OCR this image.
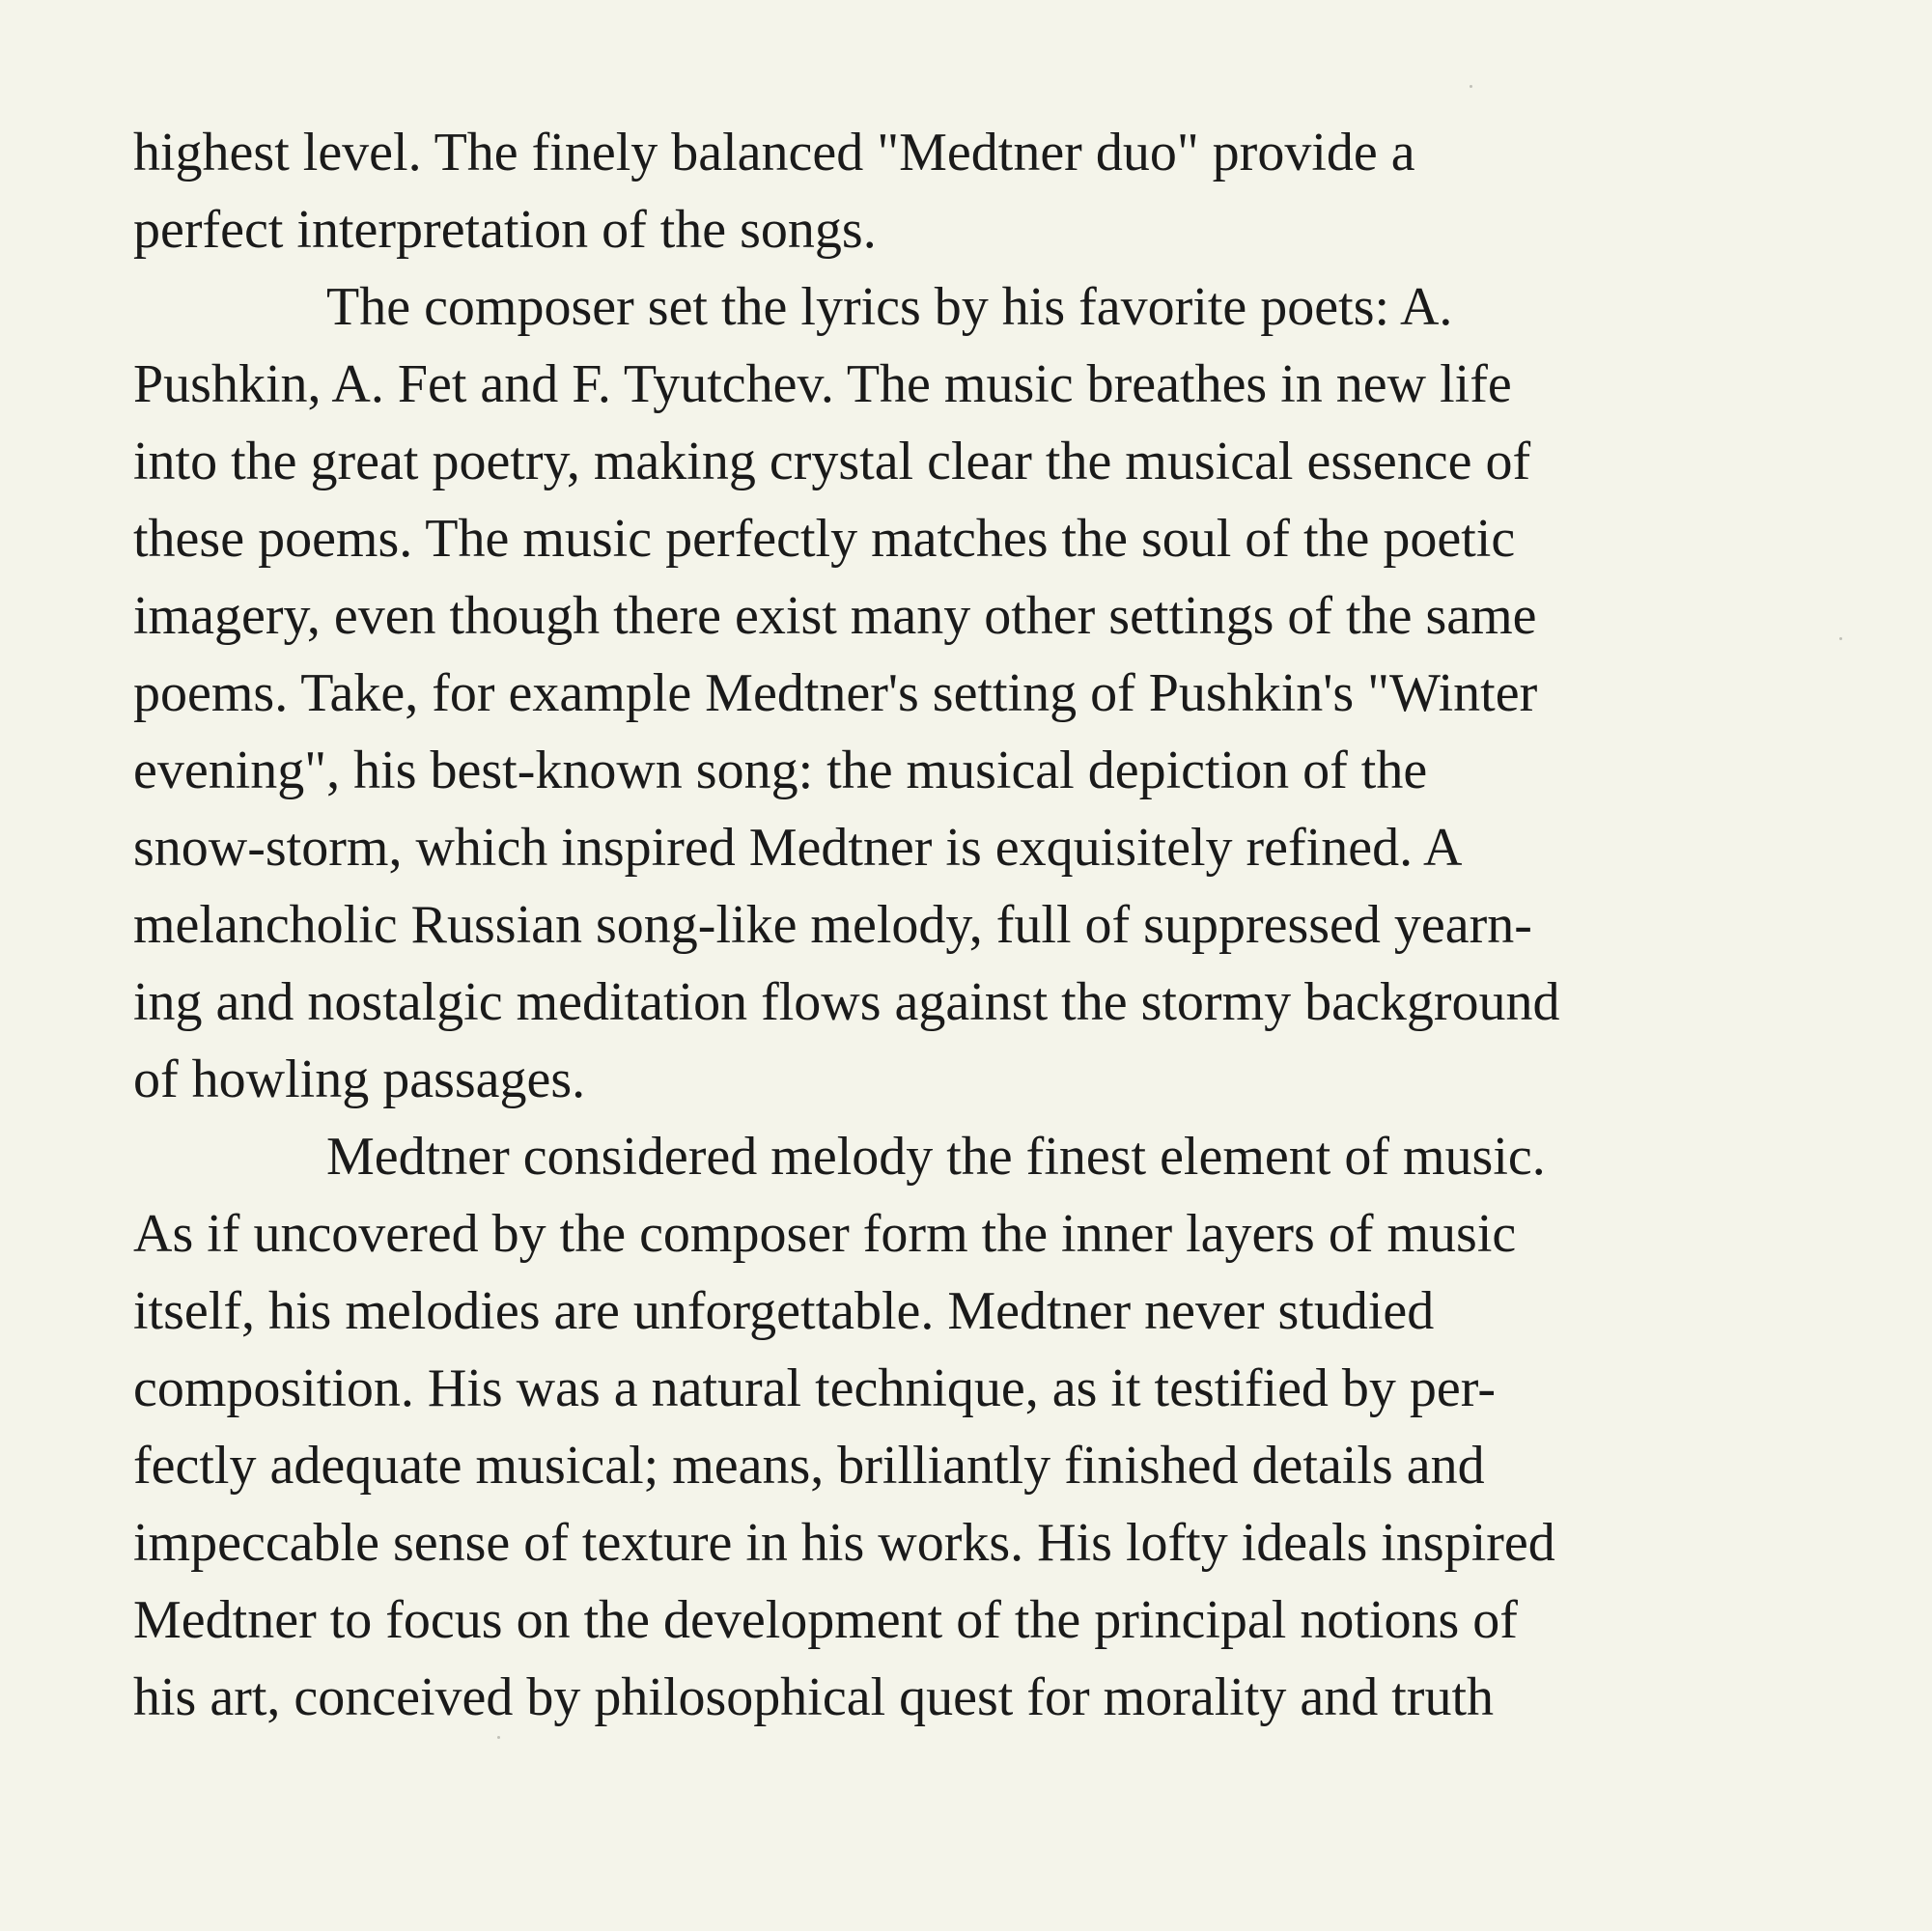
highest level. The finely balanced "Medtner duo" provide a
perfect interpretation of the songs.
The composer set the lyrics by his favorite poets: A.
Pushkin, A. Fet and F. Tyutchev. The music breathes in new life
into the great poetry, making crystal clear the musical essence of
these poems. The music perfectly matches the soul of the poetic
imagery, even though there exist many other settings of the same
poems. Take, for example Medtner's setting of Pushkin's "Winter
evening", his best-known song: the musical depiction of the
snow-storm, which inspired Medtner is exquisitely refined. A
melancholic Russian song-like melody, full of suppressed yearn-
ing and nostalgic meditation flows against the stormy background
of howling passages.
Medtner considered melody the finest element of music.
As if uncovered by the composer form the inner layers of music
itself, his melodies are unforgettable. Medtner never studied
composition. His was a natural technique, as it testified by per-
fectly adequate musical; means, brilliantly finished details and
impeccable sense of texture in his works. His lofty ideals inspired
Medtner to focus on the development of the principal notions of
his art, conceived by philosophical quest for morality and truth
